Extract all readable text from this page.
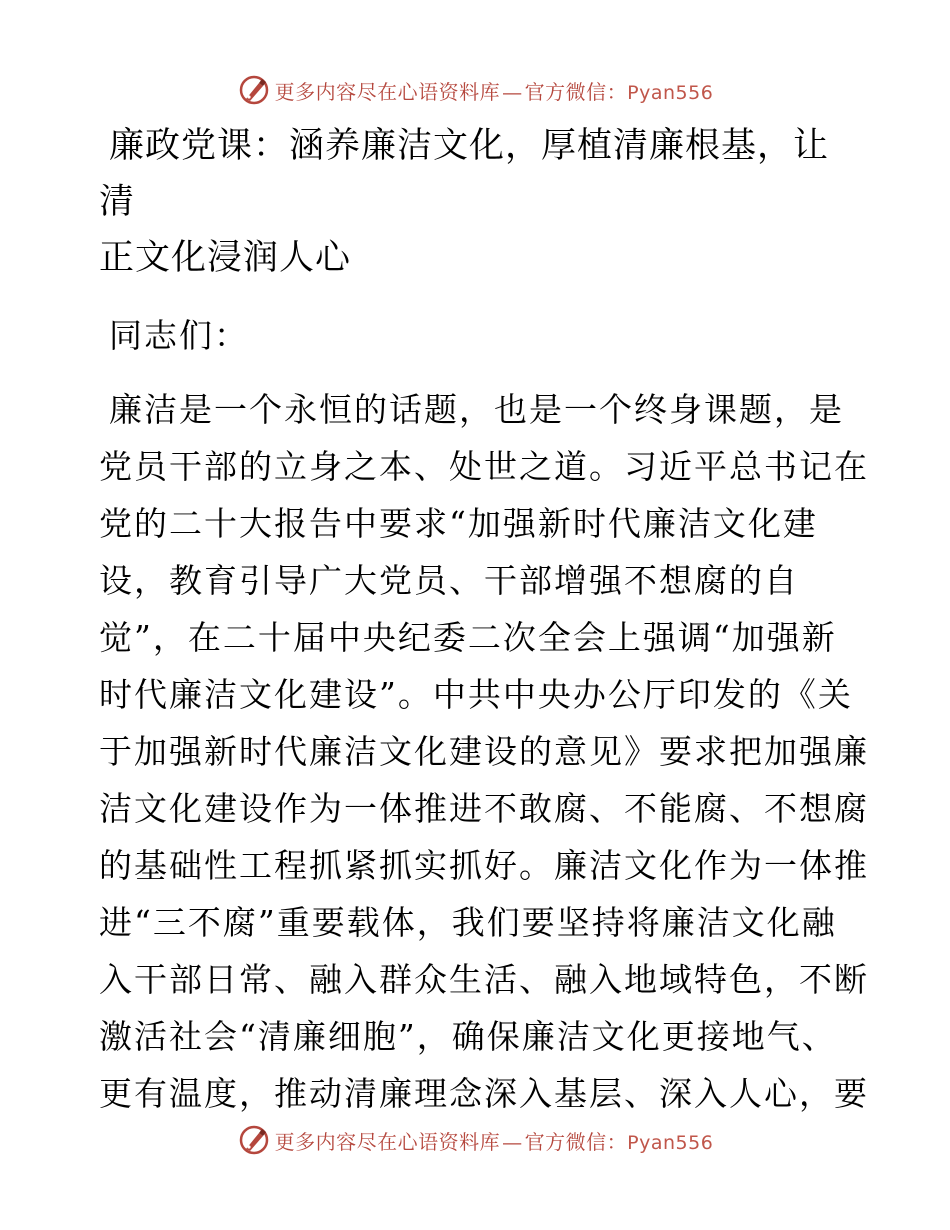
更多内容尽在心语资料库 — 官方微信：Pyan556
廉政党课：涵养廉洁文化，厚植清廉根基，让清
正文化浸润人心

同志们：

廉洁是一个永恒的话题，也是一个终身课题，是
党员干部的立身之本、处世之道。习近平总书记在
党的二十大报告中要求“加强新时代廉洁文化建
设，教育引导广大党员、干部增强不想腐的自
觉”，在二十届中央纪委二次全会上强调“加强新
时代廉洁文化建设”。中共中央办公厅印发的《关
于加强新时代廉洁文化建设的意见》要求把加强廉
洁文化建设作为一体推进不敢腐、不能腐、不想腐
的基础性工程抓紧抓实抓好。廉洁文化作为一体推
进“三不腐”重要载体，我们要坚持将廉洁文化融
入干部日常、融入群众生活、融入地域特色，不断
激活社会“清廉细胞”，确保廉洁文化更接地气、
更有温度，推动清廉理念深入基层、深入人心，要

更多内容尽在心语资料库 — 官方微信：Pyan556
